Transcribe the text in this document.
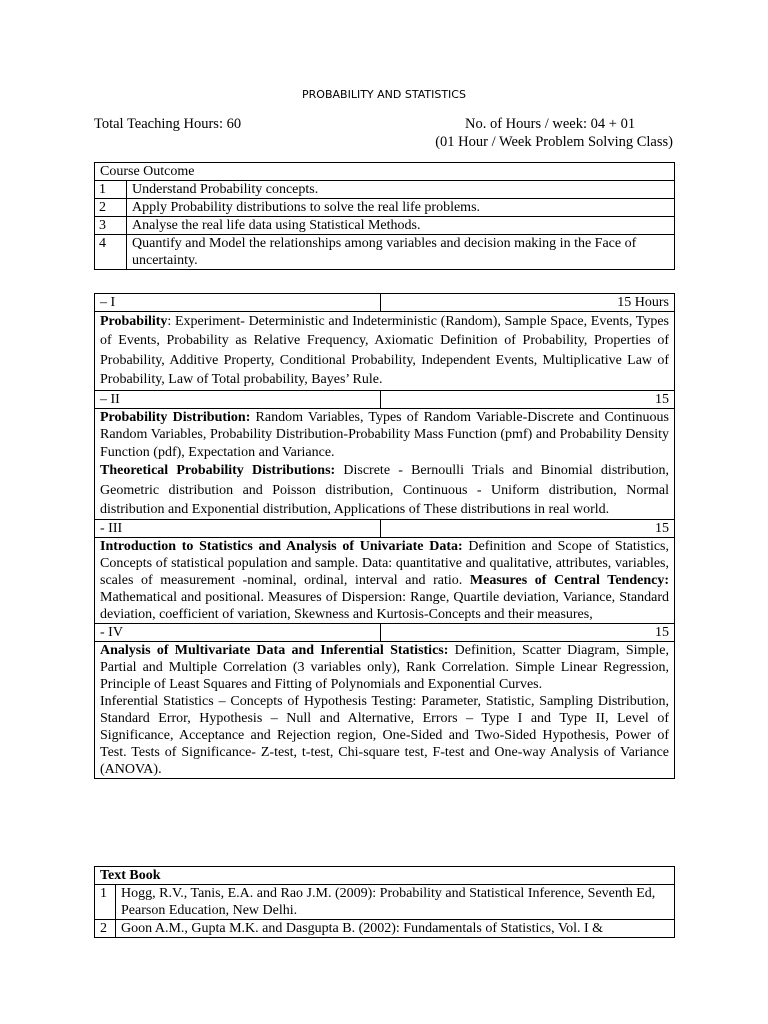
PROBABILITY AND STATISTICS
Total Teaching Hours: 60	No. of Hours / week: 04 + 01
(01 Hour / Week Problem Solving Class)
Course Outcome	
1	Understand Probability concepts.
2	Apply Probability distributions to solve the real life problems.
3	Analyse the real life data using Statistical Methods.
4	Quantify and Model the relationships among variables and decision making in the Face of uncertainty.
– I	15 Hours

Probability: Experiment- Deterministic and Indeterministic (Random), Sample Space, Events, Types of Events, Probability as Relative Frequency, Axiomatic Definition of Probability, Properties of Probability, Additive Property, Conditional Probability, Independent Events, Multiplicative Law of Probability, Law of Total probability, Bayes’ Rule.	

– II	15

Probability Distribution: Random Variables, Types of Random Variable-Discrete and Continuous Random Variables, Probability Distribution-Probability Mass Function (pmf) and Probability Density Function (pdf), Expectation and Variance.

Theoretical Probability Distributions: Discrete - Bernoulli Trials and Binomial distribution, Geometric distribution and Poisson distribution, Continuous - Uniform distribution, Normal distribution and Exponential distribution, Applications of These distributions in real world.	

- III	15

Introduction to Statistics and Analysis of Univariate Data: Definition and Scope of Statistics, Concepts of statistical population and sample. Data: quantitative and qualitative, attributes, variables, scales of measurement -nominal, ordinal, interval and ratio. Measures of Central Tendency: Mathematical and positional. Measures of Dispersion: Range, Quartile deviation, Variance, Standard deviation, coefficient of variation, Skewness and Kurtosis-Concepts and their measures,	

- IV	15

Analysis of Multivariate Data and Inferential Statistics: Definition, Scatter Diagram, Simple, Partial and Multiple Correlation (3 variables only), Rank Correlation. Simple Linear Regression, Principle of Least Squares and Fitting of Polynomials and Exponential Curves.

Inferential Statistics – Concepts of Hypothesis Testing: Parameter, Statistic, Sampling Distribution, Standard Error, Hypothesis – Null and Alternative, Errors – Type I and Type II, Level of Significance, Acceptance and Rejection region, One-Sided and Two-Sided Hypothesis, Power of Test. Tests of Significance- Z-test, t-test, Chi-square test, F-test and One-way Analysis of Variance (ANOVA).	

Text Book	
1	Hogg, R.V., Tanis, E.A. and Rao J.M. (2009): Probability and Statistical Inference, Seventh Ed, Pearson Education, New Delhi.
2	Goon A.M., Gupta M.K. and Dasgupta B. (2002): Fundamentals of Statistics, Vol. I &
